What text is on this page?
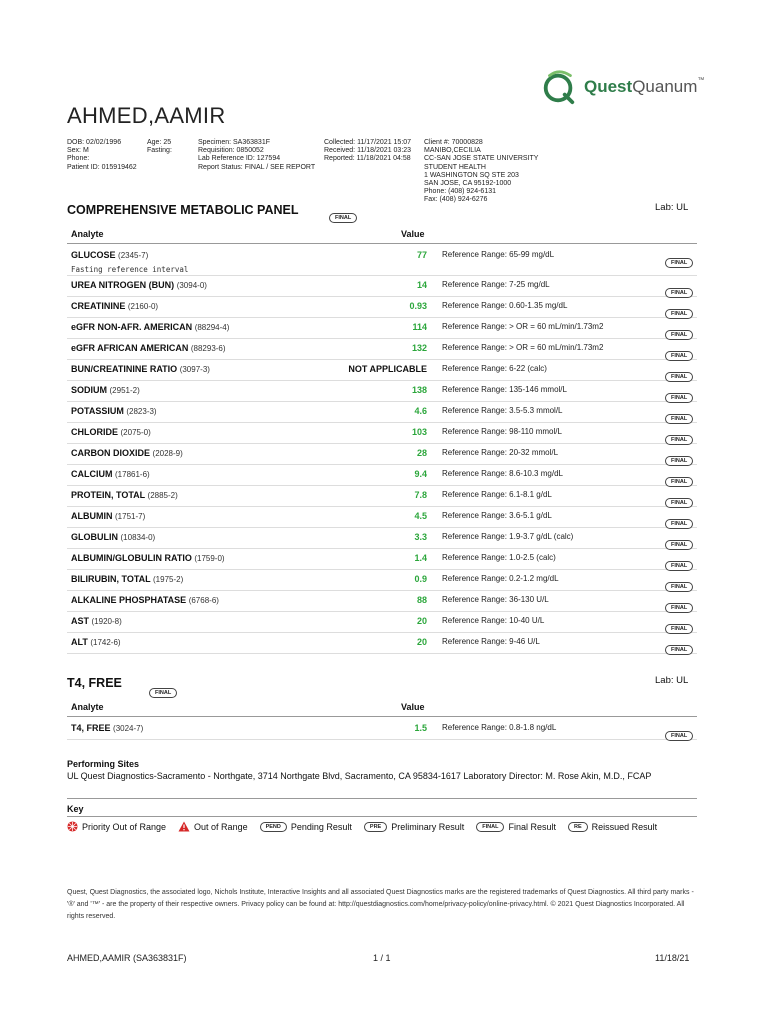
QuestQuanum™
AHMED,AAMIR
DOB: 02/02/1996
Sex: M
Phone:
Patient ID: 015919462
Age: 25
Fasting:
Specimen: SA363831F
Requisition: 0850052
Lab Reference ID: 127594
Report Status: FINAL / SEE REPORT
Collected: 11/17/2021 15:07
Received: 11/18/2021 03:23
Reported: 11/18/2021 04:58
Client #: 70000828
MANIBO,CECILIA
CC-SAN JOSE STATE UNIVERSITY
STUDENT HEALTH
1 WASHINGTON SQ STE 203
SAN JOSE, CA 95192-1000
Phone: (408) 924-6131
Fax: (408) 924-6276
COMPREHENSIVE METABOLIC PANEL
FINAL
Lab: UL
Analyte	Value
GLUCOSE (2345-7)	77 Reference Range: 65-99 mg/dL
FINAL
Fasting reference interval
UREA NITROGEN (BUN) (3094-0)	14 Reference Range: 7-25 mg/dL
FINAL
CREATININE (2160-0)	0.93 Reference Range: 0.60-1.35 mg/dL
FINAL
eGFR NON-AFR. AMERICAN (88294-4)	114 Reference Range: > OR = 60 mL/min/1.73m2
FINAL
eGFR AFRICAN AMERICAN (88293-6)	132 Reference Range: > OR = 60 mL/min/1.73m2
FINAL
BUN/CREATININE RATIO (3097-3)	NOT APPLICABLE Reference Range: 6-22 (calc)
FINAL
SODIUM (2951-2)	138 Reference Range: 135-146 mmol/L
FINAL
POTASSIUM (2823-3)	4.6 Reference Range: 3.5-5.3 mmol/L
FINAL
CHLORIDE (2075-0)	103 Reference Range: 98-110 mmol/L
FINAL
CARBON DIOXIDE (2028-9)	28 Reference Range: 20-32 mmol/L
FINAL
CALCIUM (17861-6)	9.4 Reference Range: 8.6-10.3 mg/dL
FINAL
PROTEIN, TOTAL (2885-2)	7.8 Reference Range: 6.1-8.1 g/dL
FINAL
ALBUMIN (1751-7)	4.5 Reference Range: 3.6-5.1 g/dL
FINAL
GLOBULIN (10834-0)	3.3 Reference Range: 1.9-3.7 g/dL (calc)
FINAL
ALBUMIN/GLOBULIN RATIO (1759-0)	1.4 Reference Range: 1.0-2.5 (calc)
FINAL
BILIRUBIN, TOTAL (1975-2)	0.9 Reference Range: 0.2-1.2 mg/dL
FINAL
ALKALINE PHOSPHATASE (6768-6)	88 Reference Range: 36-130 U/L
FINAL
AST (1920-8)	20 Reference Range: 10-40 U/L
FINAL
ALT (1742-6)	20 Reference Range: 9-46 U/L
FINAL
T4, FREE
FINAL
Lab: UL
Analyte	Value
T4, FREE (3024-7)	1.5 Reference Range: 0.8-1.8 ng/dL
FINAL
Performing Sites
UL Quest Diagnostics-Sacramento - Northgate, 3714 Northgate Blvd, Sacramento, CA 95834-1617 Laboratory Director: M. Rose Akin, M.D., FCAP
Key
Priority Out of Range	Out of Range	PEND	Pending Result	PRE	Preliminary Result	FINAL	Final Result	RE	Reissued Result
Quest, Quest Diagnostics, the associated logo, Nichols Institute, Interactive Insights and all associated Quest Diagnostics marks are the registered trademarks of Quest Diagnostics. All third party marks - '®' and '™' - are the property of their respective owners. Privacy policy can be found at: http://questdiagnostics.com/home/privacy-policy/online-privacy.html. © 2021 Quest Diagnostics Incorporated. All rights reserved.
AHMED,AAMIR (SA363831F)	1 / 1	11/18/21
